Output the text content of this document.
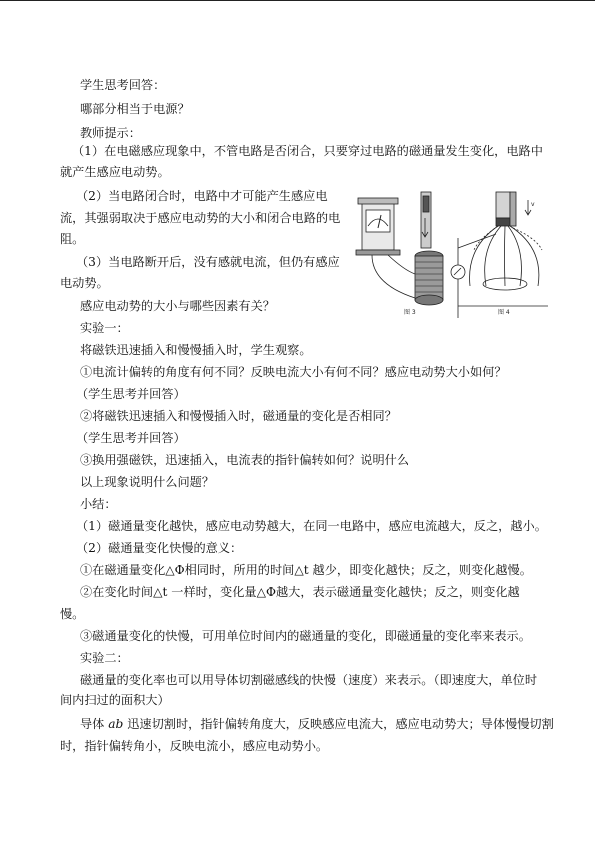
学生思考回答：
哪部分相当于电源？
教师提示：
（1）在电磁感应现象中，不管电路是否闭合，只要穿过电路的磁通量发生变化，电路中
就产生感应电动势。
（2）当电路闭合时，电路中才可能产生感应电
流，其强弱取决于感应电动势的大小和闭合电路的电
阻。
（3）当电路断开后，没有感就电流，但仍有感应
电动势。
感应电动势的大小与哪些因素有关？
实验一：
将磁铁迅速插入和慢慢插入时，学生观察。
①电流计偏转的角度有何不同？反映电流大小有何不同？感应电动势大小如何？
（学生思考并回答）
②将磁铁迅速插入和慢慢插入时，磁通量的变化是否相同？
（学生思考并回答）
③换用强磁铁，迅速插入，电流表的指针偏转如何？说明什么
以上现象说明什么问题？
小结：
（1）磁通量变化越快，感应电动势越大，在同一电路中，感应电流越大，反之，越小。
（2）磁通量变化快慢的意义：
①在磁通量变化△Φ相同时，所用的时间△t 越少，即变化越快；反之，则变化越慢。
②在变化时间△t 一样时，变化量△Φ越大，表示磁通量变化越快；反之，则变化越
慢。
③磁通量变化的快慢，可用单位时间内的磁通量的变化，即磁通量的变化率来表示。
实验二：
磁通量的变化率也可以用导体切割磁感线的快慢（速度）来表示。（即速度大，单位时
间内扫过的面积大）
导体 ab 迅速切割时，指针偏转角度大，反映感应电流大，感应电动势大；导体慢慢切割
时，指针偏转角小，反映电流小，感应电动势小。
v
图 3	图 4
